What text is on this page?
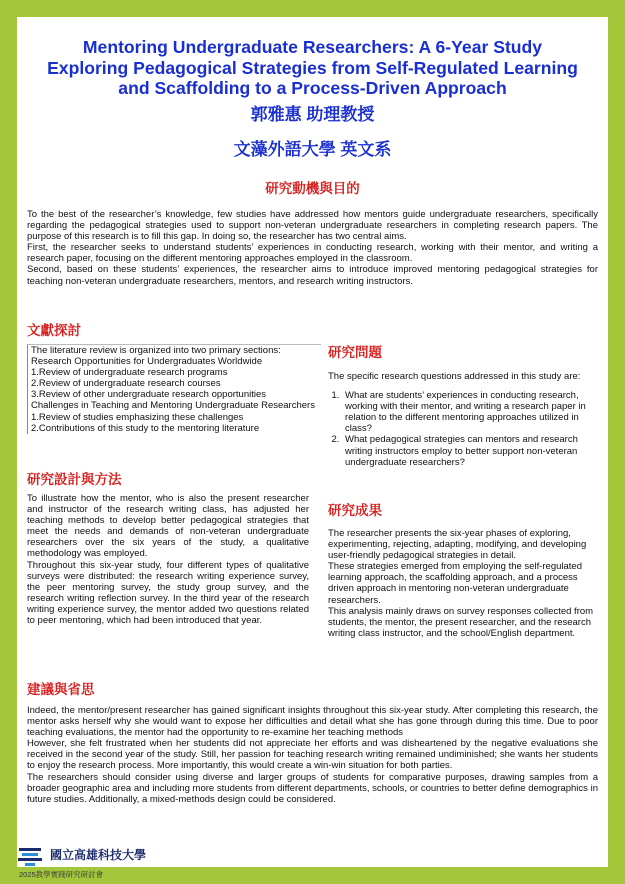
Mentoring Undergraduate Researchers: A 6-Year Study
Exploring Pedagogical Strategies from Self-Regulated Learning
and Scaffolding to a Process-Driven Approach
郭雅惠 助理教授
文藻外語大學 英文系
研究動機與目的

To the best of the researcher’s knowledge, few studies have addressed how mentors guide undergraduate researchers, specifically regarding the pedagogical strategies used to support non-veteran undergraduate researchers in completing research papers. The purpose of this research is to fill this gap. In doing so, the researcher has two central aims.

First, the researcher seeks to understand students’ experiences in conducting research, working with their mentor, and writing a research paper, focusing on the different mentoring approaches employed in the classroom.

Second, based on these students’ experiences, the researcher aims to introduce improved mentoring pedagogical strategies for teaching non-veteran undergraduate researchers, mentors, and research writing instructors.

文獻探討
The literature review is organized into two primary sections: Research Opportunities for Undergraduates Worldwide
1.Review of undergraduate research programs
2.Review of undergraduate research courses
3.Review of other undergraduate research opportunities
Challenges in Teaching and Mentoring Undergraduate Researchers
1.Review of studies emphasizing these challenges
2.Contributions of this study to the mentoring literature
研究設計與方法

To illustrate how the mentor, who is also the present researcher and instructor of the research writing class, has adjusted her teaching methods to develop better pedagogical strategies that meet the needs and demands of non-veteran undergraduate researchers over the six years of the study, a qualitative methodology was employed.

Throughout this six-year study, four different types of qualitative surveys were distributed: the research writing experience survey, the peer mentoring survey, the study group survey, and the research writing reflection survey. In the third year of the research writing experience survey, the mentor added two questions related to peer mentoring, which had been introduced that year.

研究問題

The specific research questions addressed in this study are:

1. What are students’ experiences in conducting research, working with their mentor, and writing a research paper in relation to the different mentoring approaches utilized in class?
2. What pedagogical strategies can mentors and research writing instructors employ to better support non-veteran undergraduate researchers?
研究成果

The researcher presents the six-year phases of exploring, experimenting, rejecting, adapting, modifying, and developing user-friendly pedagogical strategies in detail.

These strategies emerged from employing the self-regulated learning approach, the scaffolding approach, and a process driven approach in mentoring non-veteran undergraduate researchers.

This analysis mainly draws on survey responses collected from students, the mentor, the present researcher, and the research writing class instructor, and the school/English department.

建議與省思

Indeed, the mentor/present researcher has gained significant insights throughout this six-year study. After completing this research, the mentor asks herself why she would want to expose her difficulties and detail what she has gone through during this time. Due to poor teaching evaluations, the mentor had the opportunity to re-examine her teaching methods

However, she felt frustrated when her students did not appreciate her efforts and was disheartened by the negative evaluations she received in the second year of the study. Still, her passion for teaching research writing remained undiminished; she wants her students to enjoy the research process. More importantly, this would create a win-win situation for both parties.

The researchers should consider using diverse and larger groups of students for comparative purposes, drawing samples from a broader geographic area and including more students from different departments, schools, or countries to better define demographics in future studies. Additionally, a mixed-methods design could be considered.

國立高雄科技大學
2025教學實踐研究研討會
